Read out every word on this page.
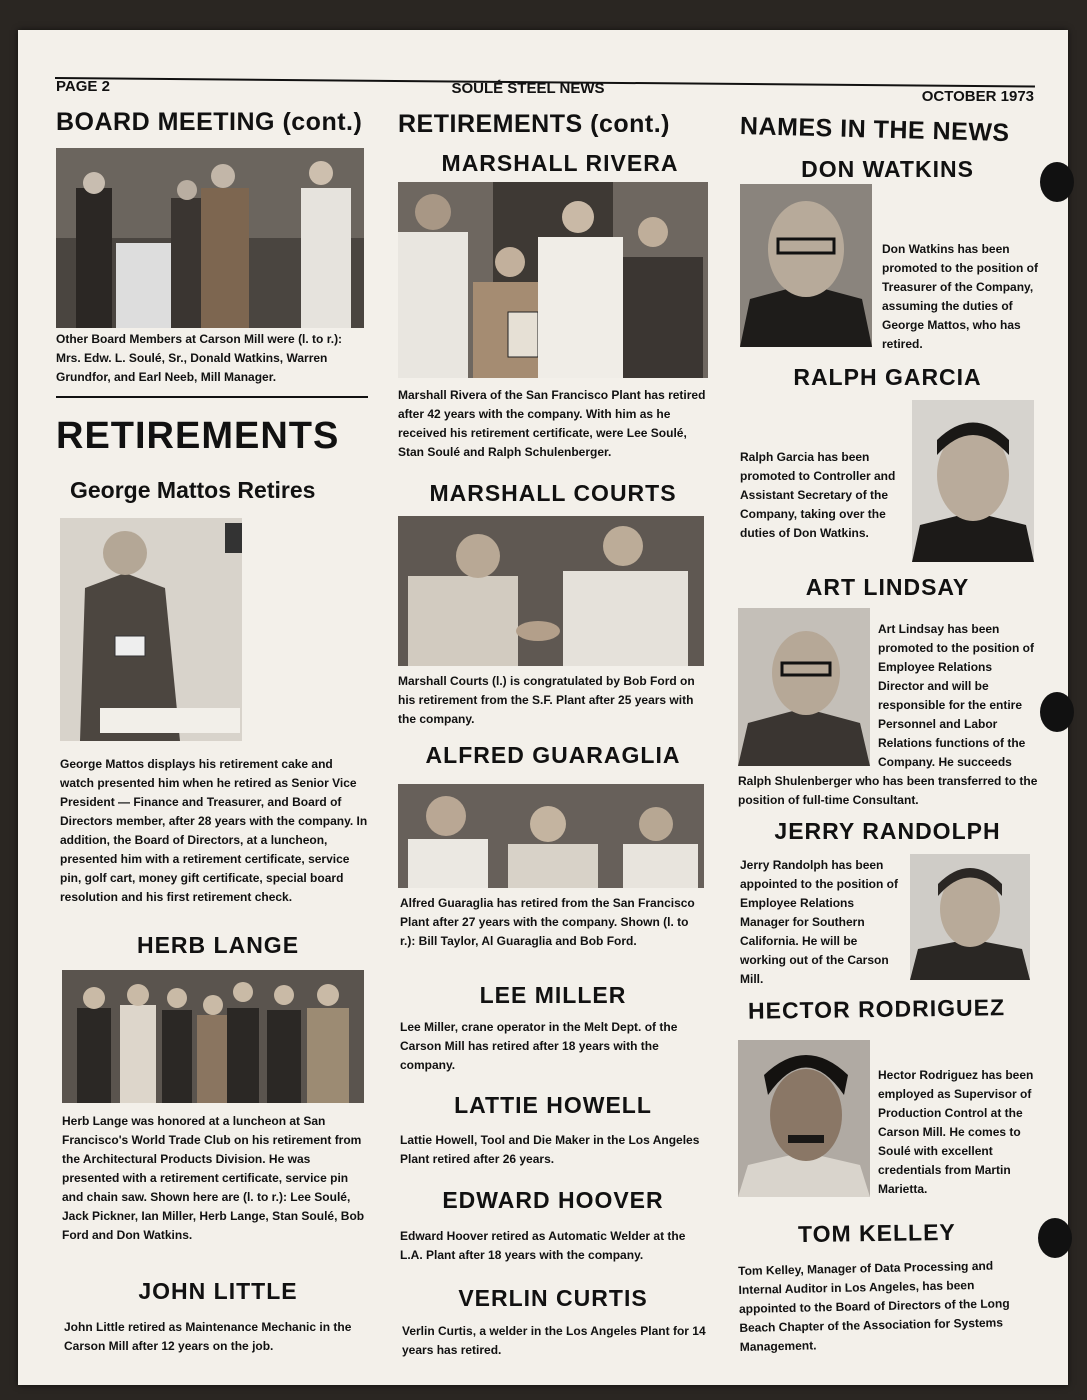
PAGE 2	SOULÉ STEEL NEWS	OCTOBER 1973
BOARD MEETING (cont.)

Other Board Members at Carson Mill were (l. to r.): Mrs. Edw. L. Soulé, Sr., Donald Watkins, Warren Grundfor, and Earl Neeb, Mill Manager.

RETIREMENTS
George Mattos Retires

George Mattos displays his retirement cake and watch presented him when he retired as Senior Vice President — Finance and Treasurer, and Board of Directors member, after 28 years with the company. In addition, the Board of Directors, at a luncheon, presented him with a retirement certificate, service pin, golf cart, money gift certificate, special board resolution and his first retirement check.

HERB LANGE

Herb Lange was honored at a luncheon at San Francisco's World Trade Club on his retirement from the Architectural Products Division. He was presented with a retirement certificate, service pin and chain saw. Shown here are (l. to r.): Lee Soulé, Jack Pickner, Ian Miller, Herb Lange, Stan Soulé, Bob Ford and Don Watkins.

JOHN LITTLE

John Little retired as Maintenance Mechanic in the Carson Mill after 12 years on the job.

RETIREMENTS (cont.)
MARSHALL RIVERA

Marshall Rivera of the San Francisco Plant has retired after 42 years with the company. With him as he received his retirement certificate, were Lee Soulé, Stan Soulé and Ralph Schulenberger.

MARSHALL COURTS

Marshall Courts (l.) is congratulated by Bob Ford on his retirement from the S.F. Plant after 25 years with the company.

ALFRED GUARAGLIA

Alfred Guaraglia has retired from the San Francisco Plant after 27 years with the company. Shown (l. to r.): Bill Taylor, Al Guaraglia and Bob Ford.

LEE MILLER

Lee Miller, crane operator in the Melt Dept. of the Carson Mill has retired after 18 years with the company.

LATTIE HOWELL

Lattie Howell, Tool and Die Maker in the Los Angeles Plant retired after 26 years.

EDWARD HOOVER

Edward Hoover retired as Automatic Welder at the L.A. Plant after 18 years with the company.

VERLIN CURTIS

Verlin Curtis, a welder in the Los Angeles Plant for 14 years has retired.

NAMES IN THE NEWS
DON WATKINS

Don Watkins has been promoted to the position of Treasurer of the Company, assuming the duties of George Mattos, who has retired.

RALPH GARCIA

Ralph Garcia has been promoted to Controller and Assistant Secretary of the Company, taking over the duties of Don Watkins.

ART LINDSAY

Art Lindsay has been promoted to the position of Employee Relations Director and will be responsible for the entire Personnel and Labor Relations functions of the Company. He succeeds

Ralph Shulenberger who has been transferred to the position of full-time Consultant.

JERRY RANDOLPH

Jerry Randolph has been appointed to the position of Employee Relations Manager for Southern California. He will be working out of the Carson Mill.

HECTOR RODRIGUEZ

Hector Rodriguez has been employed as Supervisor of Production Control at the Carson Mill. He comes to Soulé with excellent credentials from Martin Marietta.

TOM KELLEY

Tom Kelley, Manager of Data Processing and Internal Auditor in Los Angeles, has been appointed to the Board of Directors of the Long Beach Chapter of the Association for Systems Management.
